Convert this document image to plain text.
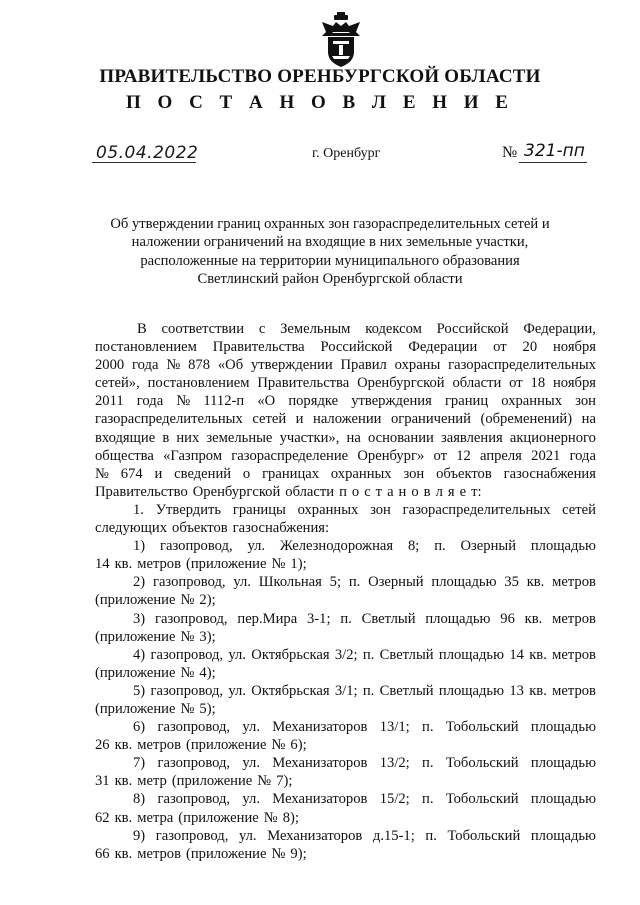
ПРАВИТЕЛЬСТВО ОРЕНБУРГСКОЙ ОБЛАСТИ
П О С Т А Н О В Л Е Н И Е
05.04.2022	г. Оренбург	№ 321-пп
Об утверждении границ охранных зон газораспределительных сетей и
наложении ограничений на входящие в них земельные участки,
расположенные на территории муниципального образования
Светлинский район Оренбургской области
В соответствии с Земельным кодексом Российской Федерации,
постановлением Правительства Российской Федерации от 20 ноября
2000 года № 878 «Об утверждении Правил охраны газораспределительных
сетей», постановлением Правительства Оренбургской области от 18 ноября
2011 года № 1112-п «О порядке утверждения границ охранных зон
газораспределительных сетей и наложении ограничений (обременений) на
входящие в них земельные участки», на основании заявления акционерного
общества «Газпром газораспределение Оренбург» от 12 апреля 2021 года
№ 674 и сведений о границах охранных зон объектов газоснабжения
Правительство Оренбургской области п о с т а н о в л я е т:
1. Утвердить границы охранных зон газораспределительных сетей
следующих объектов газоснабжения:
1) газопровод, ул. Железнодорожная 8; п. Озерный площадью
14 кв. метров (приложение № 1);
2) газопровод, ул. Школьная 5; п. Озерный площадью 35 кв. метров
(приложение № 2);
3) газопровод, пер.Мира 3-1; п. Светлый площадью 96 кв. метров
(приложение № 3);
4) газопровод, ул. Октябрьская 3/2; п. Светлый площадью 14 кв. метров
(приложение № 4);
5) газопровод, ул. Октябрьская 3/1; п. Светлый площадью 13 кв. метров
(приложение № 5);
6) газопровод, ул. Механизаторов 13/1; п. Тобольский площадью
26 кв. метров (приложение № 6);
7) газопровод, ул. Механизаторов 13/2; п. Тобольский площадью
31 кв. метр (приложение № 7);
8) газопровод, ул. Механизаторов 15/2; п. Тобольский площадью
62 кв. метра (приложение № 8);
9) газопровод, ул. Механизаторов д.15-1; п. Тобольский площадью
66 кв. метров (приложение № 9);
